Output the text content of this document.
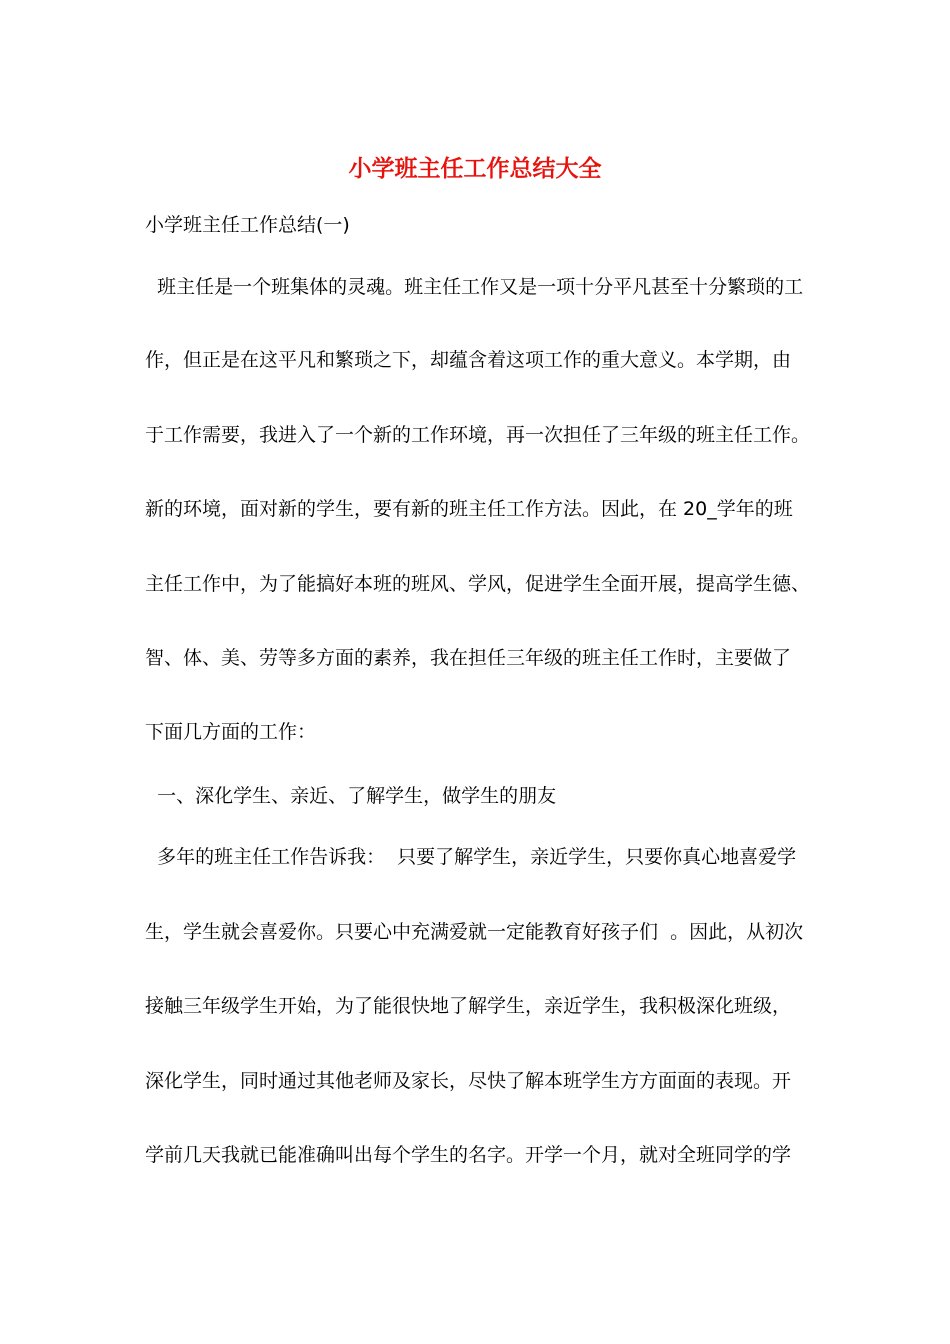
小学班主任工作总结大全
小学班主任工作总结(一)
班主任是一个班集体的灵魂。班主任工作又是一项十分平凡甚至十分繁琐的工
作，但正是在这平凡和繁琐之下，却蕴含着这项工作的重大意义。本学期，由
于工作需要，我进入了一个新的工作环境，再一次担任了三年级的班主任工作。
新的环境，面对新的学生，要有新的班主任工作方法。因此，在 20_学年的班
主任工作中，为了能搞好本班的班风、学风，促进学生全面开展，提高学生德、
智、体、美、劳等多方面的素养，我在担任三年级的班主任工作时，主要做了
下面几方面的工作：
一、深化学生、亲近、了解学生，做学生的朋友
多年的班主任工作告诉我：  只要了解学生，亲近学生，只要你真心地喜爱学
生，学生就会喜爱你。只要心中充满爱就一定能教育好孩子们  。因此，从初次
接触三年级学生开始，为了能很快地了解学生，亲近学生，我积极深化班级，
深化学生，同时通过其他老师及家长，尽快了解本班学生方方面面的表现。开
学前几天我就已能准确叫出每个学生的名字。开学一个月，就对全班同学的学
